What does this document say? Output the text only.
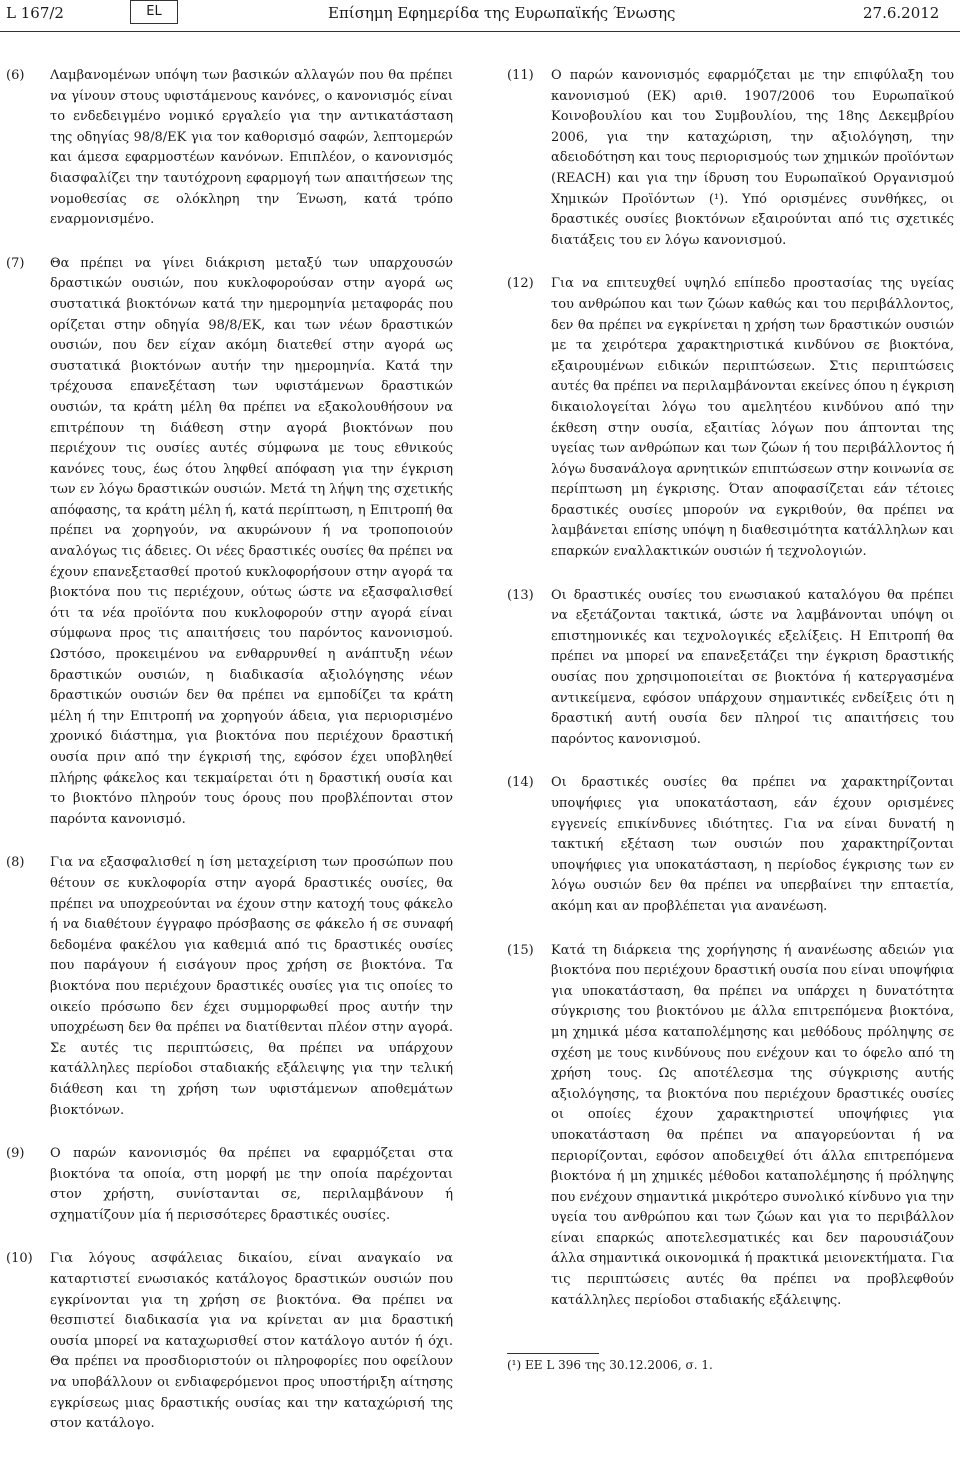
L 167/2	EL	Επίσημη Εφημερίδα της Ευρωπαϊκής Ένωσης	27.6.2012
(6)	Λαμβανομένων υπόψη των βασικών αλλαγών που θα πρέπει να γίνουν στους υφιστάμενους κανόνες, ο κανονισμός είναι το ενδεδειγμένο νομικό εργαλείο για την αντικατάσταση της οδηγίας 98/8/ΕΚ για τον καθορισμό σαφών, λεπτομερών και άμεσα εφαρμοστέων κανόνων. Επιπλέον, ο κανονισμός διασφαλίζει την ταυτόχρονη εφαρμογή των απαιτήσεων της νομοθεσίας σε ολόκληρη την Ένωση, κατά τρόπο εναρμονισμένο.
(7)	Θα πρέπει να γίνει διάκριση μεταξύ των υπαρχουσών δραστικών ουσιών, που κυκλοφορούσαν στην αγορά ως συστατικά βιοκτόνων κατά την ημερομηνία μεταφοράς που ορίζεται στην οδηγία 98/8/ΕΚ, και των νέων δραστικών ουσιών, που δεν είχαν ακόμη διατεθεί στην αγορά ως συστατικά βιοκτόνων αυτήν την ημερομηνία. Κατά την τρέχουσα επανεξέταση των υφιστάμενων δραστικών ουσιών, τα κράτη μέλη θα πρέπει να εξακολουθήσουν να επιτρέπουν τη διάθεση στην αγορά βιοκτόνων που περιέχουν τις ουσίες αυτές σύμφωνα με τους εθνικούς κανόνες τους, έως ότου ληφθεί απόφαση για την έγκριση των εν λόγω δραστικών ουσιών. Μετά τη λήψη της σχετικής απόφασης, τα κράτη μέλη ή, κατά περίπτωση, η Επιτροπή θα πρέπει να χορηγούν, να ακυρώνουν ή να τροποποιούν αναλόγως τις άδειες. Οι νέες δραστικές ουσίες θα πρέπει να έχουν επανεξετασθεί προτού κυκλοφορήσουν στην αγορά τα βιοκτόνα που τις περιέχουν, ούτως ώστε να εξασφαλισθεί ότι τα νέα προϊόντα που κυκλοφορούν στην αγορά είναι σύμφωνα προς τις απαιτήσεις του παρόντος κανονισμού. Ωστόσο, προκειμένου να ενθαρρυνθεί η ανάπτυξη νέων δραστικών ουσιών, η διαδικασία αξιολόγησης νέων δραστικών ουσιών δεν θα πρέπει να εμποδίζει τα κράτη μέλη ή την Επιτροπή να χορηγούν άδεια, για περιορισμένο χρονικό διάστημα, για βιοκτόνα που περιέχουν δραστική ουσία πριν από την έγκρισή της, εφόσον έχει υποβληθεί πλήρης φάκελος και τεκμαίρεται ότι η δραστική ουσία και το βιοκτόνο πληρούν τους όρους που προβλέπονται στον παρόντα κανονισμό.
(8)	Για να εξασφαλισθεί η ίση μεταχείριση των προσώπων που θέτουν σε κυκλοφορία στην αγορά δραστικές ουσίες, θα πρέπει να υποχρεούνται να έχουν στην κατοχή τους φάκελο ή να διαθέτουν έγγραφο πρόσβασης σε φάκελο ή σε συναφή δεδομένα φακέλου για καθεμιά από τις δραστικές ουσίες που παράγουν ή εισάγουν προς χρήση σε βιοκτόνα. Τα βιοκτόνα που περιέχουν δραστικές ουσίες για τις οποίες το οικείο πρόσωπο δεν έχει συμμορφωθεί προς αυτήν την υποχρέωση δεν θα πρέπει να διατίθενται πλέον στην αγορά. Σε αυτές τις περιπτώσεις, θα πρέπει να υπάρχουν κατάλληλες περίοδοι σταδιακής εξάλειψης για την τελική διάθεση και τη χρήση των υφιστάμενων αποθεμάτων βιοκτόνων.
(9)	Ο παρών κανονισμός θα πρέπει να εφαρμόζεται στα βιοκτόνα τα οποία, στη μορφή με την οποία παρέχονται στον χρήστη, συνίστανται σε, περιλαμβάνουν ή σχηματίζουν μία ή περισσότερες δραστικές ουσίες.
(10)	Για λόγους ασφάλειας δικαίου, είναι αναγκαίο να καταρτιστεί ενωσιακός κατάλογος δραστικών ουσιών που εγκρίνονται για τη χρήση σε βιοκτόνα. Θα πρέπει να θεσπιστεί διαδικασία για να κρίνεται αν μια δραστική ουσία μπορεί να καταχωρισθεί στον κατάλογο αυτόν ή όχι. Θα πρέπει να προσδιοριστούν οι πληροφορίες που οφείλουν να υποβάλλουν οι ενδιαφερόμενοι προς υποστήριξη αίτησης εγκρίσεως μιας δραστικής ουσίας και την καταχώρισή της στον κατάλογο.
(11)	Ο παρών κανονισμός εφαρμόζεται με την επιφύλαξη του κανονισμού (ΕΚ) αριθ. 1907/2006 του Ευρωπαϊκού Κοινοβουλίου και του Συμβουλίου, της 18ης Δεκεμβρίου 2006, για την καταχώριση, την αξιολόγηση, την αδειοδότηση και τους περιορισμούς των χημικών προϊόντων (REACH) και για την ίδρυση του Ευρωπαϊκού Οργανισμού Χημικών Προϊόντων (¹). Υπό ορισμένες συνθήκες, οι δραστικές ουσίες βιοκτόνων εξαιρούνται από τις σχετικές διατάξεις του εν λόγω κανονισμού.
(12)	Για να επιτευχθεί υψηλό επίπεδο προστασίας της υγείας του ανθρώπου και των ζώων καθώς και του περιβάλλοντος, δεν θα πρέπει να εγκρίνεται η χρήση των δραστικών ουσιών με τα χειρότερα χαρακτηριστικά κινδύνου σε βιοκτόνα, εξαιρουμένων ειδικών περιπτώσεων. Στις περιπτώσεις αυτές θα πρέπει να περιλαμβάνονται εκείνες όπου η έγκριση δικαιολογείται λόγω του αμελητέου κινδύνου από την έκθεση στην ουσία, εξαιτίας λόγων που άπτονται της υγείας των ανθρώπων και των ζώων ή του περιβάλλοντος ή λόγω δυσανάλογα αρνητικών επιπτώσεων στην κοινωνία σε περίπτωση μη έγκρισης. Όταν αποφασίζεται εάν τέτοιες δραστικές ουσίες μπορούν να εγκριθούν, θα πρέπει να λαμβάνεται επίσης υπόψη η διαθεσιμότητα κατάλληλων και επαρκών εναλλακτικών ουσιών ή τεχνολογιών.
(13)	Οι δραστικές ουσίες του ενωσιακού καταλόγου θα πρέπει να εξετάζονται τακτικά, ώστε να λαμβάνονται υπόψη οι επιστημονικές και τεχνολογικές εξελίξεις. Η Επιτροπή θα πρέπει να μπορεί να επανεξετάζει την έγκριση δραστικής ουσίας που χρησιμοποιείται σε βιοκτόνα ή κατεργασμένα αντικείμενα, εφόσον υπάρχουν σημαντικές ενδείξεις ότι η δραστική αυτή ουσία δεν πληροί τις απαιτήσεις του παρόντος κανονισμού.
(14)	Οι δραστικές ουσίες θα πρέπει να χαρακτηρίζονται υποψήφιες για υποκατάσταση, εάν έχουν ορισμένες εγγενείς επικίνδυνες ιδιότητες. Για να είναι δυνατή η τακτική εξέταση των ουσιών που χαρακτηρίζονται υποψήφιες για υποκατάσταση, η περίοδος έγκρισης των εν λόγω ουσιών δεν θα πρέπει να υπερβαίνει την επταετία, ακόμη και αν προβλέπεται για ανανέωση.
(15)	Κατά τη διάρκεια της χορήγησης ή ανανέωσης αδειών για βιοκτόνα που περιέχουν δραστική ουσία που είναι υποψήφια για υποκατάσταση, θα πρέπει να υπάρχει η δυνατότητα σύγκρισης του βιοκτόνου με άλλα επιτρεπόμενα βιοκτόνα, μη χημικά μέσα καταπολέμησης και μεθόδους πρόληψης σε σχέση με τους κινδύνους που ενέχουν και το όφελο από τη χρήση τους. Ως αποτέλεσμα της σύγκρισης αυτής αξιολόγησης, τα βιοκτόνα που περιέχουν δραστικές ουσίες οι οποίες έχουν χαρακτηριστεί υποψήφιες για υποκατάσταση θα πρέπει να απαγορεύονται ή να περιορίζονται, εφόσον αποδειχθεί ότι άλλα επιτρεπόμενα βιοκτόνα ή μη χημικές μέθοδοι καταπολέμησης ή πρόληψης που ενέχουν σημαντικά μικρότερο συνολικό κίνδυνο για την υγεία του ανθρώπου και των ζώων και για το περιβάλλον είναι επαρκώς αποτελεσματικές και δεν παρουσιάζουν άλλα σημαντικά οικονομικά ή πρακτικά μειονεκτήματα. Για τις περιπτώσεις αυτές θα πρέπει να προβλεφθούν κατάλληλες περίοδοι σταδιακής εξάλειψης.
(¹) ΕΕ L 396 της 30.12.2006, σ. 1.
